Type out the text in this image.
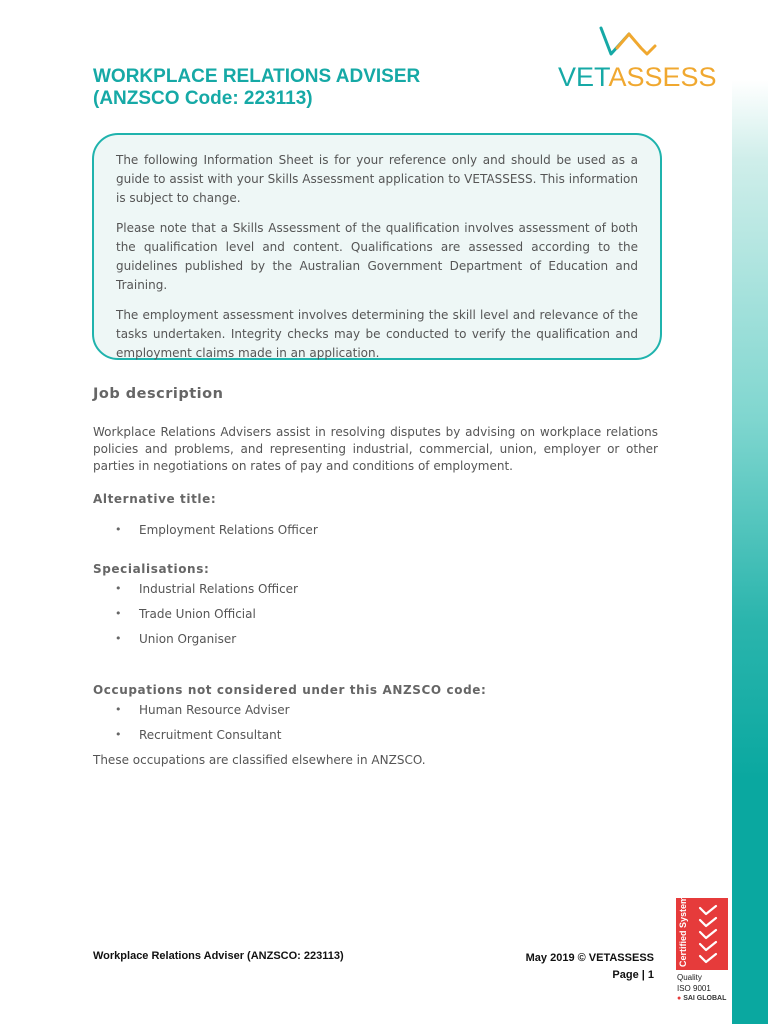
WORKPLACE RELATIONS ADVISER
(ANZSCO Code: 223113)
VETASSESS

The following Information Sheet is for your reference only and should be used as a guide to assist with your Skills Assessment application to VETASSESS. This information is subject to change.

Please note that a Skills Assessment of the qualification involves assessment of both the qualification level and content. Qualifications are assessed according to the guidelines published by the Australian Government Department of Education and Training.

The employment assessment involves determining the skill level and relevance of the tasks undertaken. Integrity checks may be conducted to verify the qualification and employment claims made in an application.

Job description
Workplace Relations Advisers assist in resolving disputes by advising on workplace relations policies and problems, and representing industrial, commercial, union, employer or other parties in negotiations on rates of pay and conditions of employment.
Alternative title:
• Employment Relations Officer
Specialisations:
• Industrial Relations Officer
• Trade Union Official
• Union Organiser
Occupations not considered under this ANZSCO code:
• Human Resource Adviser
• Recruitment Consultant
These occupations are classified elsewhere in ANZSCO.
Workplace Relations Adviser (ANZSCO: 223113)	May 2019 © VETASSESS
Page | 1
Certified System
Quality
ISO 9001
● SAI GLOBAL
